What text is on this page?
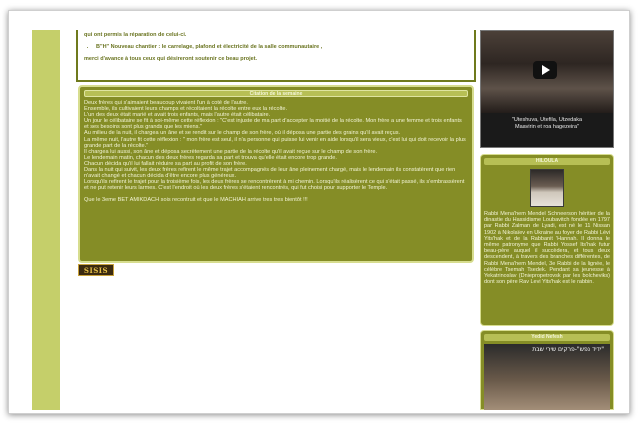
qui ont permis la réparation de celui-ci.
• B"H" Nouveau chantier : le carrelage, plafond et électricité de la salle communautaire ,
merci d'avance à tous ceux qui désireront soutenir ce beau projet.
Citation de la semaine

Deux frères qui s'aimaient beaucoup vivaient l'un à coté de l'autre.

Ensemble, ils cultivaient leurs champs et récoltaient la récolte entre eux la récolte.

L'un des deux était marié et avait trois enfants, mais l'autre était célibataire.

Un jour le célibataire se fit à soi-même cette réflexion : "C'est injuste de ma part d'accepter la moitié de la récolte. Mon frère a une femme et trois enfants et ses besoins sont plus grands que les miens."

Au milieu de la nuit, il chargea un âne et se rendit sur le champ de son frère, où il déposa une partie des grains qu'il avait reçus.

La même nuit, l'autre fit cette réflexion : " mon frère est seul, il n'a personne qui puisse lui venir en aide lorsqu'il sera vieux, c'est lui qui doit recevoir la plus grande part de la récolte."

Il chargea lui aussi, son âne et déposa secrètement une partie de la récolte qu'il avait reçue sur le champ de son frère.

Le lendemain matin, chacun des deux frères regarda sa part et trouva qu'elle était encore trop grande.

Chacun décida qu'il lui fallait réduire sa part au profit de son frère.

Dans la nuit qui suivit, les deux frères refirent le même trajet accompagnés de leur âne pleinement chargé, mais le lendemain ils constatèrent que rien n'avait changé et chacun décida d'être encore plus généreux.

Lorsqu'ils refirent le trajet pour la troisième fois, les deux frères se rencontrèrent à mi chemin. Lorsqu'ils réalisèrent ce qui s'était passé, ils s'embrassèrent et ne put retenir leurs larmes. C'est l'endroit où les deux frères s'étaient rencontrés, qui fut choisi pour supporter le Temple.

Que le 3eme BET AMIKDACH sois recontruit et que le MACHIAH arrive tres tres bientôt !!!

SISIS
"Uteshuva, Utefila, Utzedaka
Maavirin et roa hagezeira"
HILOULA
Rabbi Mena'hem Mendel Schneerson héritier de la dinastie du Hassidisme Loubavitch fondée en 1797 par Rabbi Zalman de Lyadi, est né le 11 Nissan 1902 à Nikolaïev en Ukraine au foyer de Rabbi Lévi Yits'hak et de la Rabbanit 'Hannah. Il donna le même patronyme que Rabbi Yossef Its'hak futur beau-père auquel il succèdera, et tous deux descendent, à travers des branches différentes, de Rabbi Mena'hem Mendel, 3e Rabbi de la lignée, le célèbre Tsemah Tsedek. Pendant sa jeunesse à Yekatrinoslav (Dniepropetrovsk par les bolcheviks) dont son père Rav Levi Yits'hak est le rabbin.
Yedid Nefesh
"ידיד נפש"-פרקים שירי שבת
